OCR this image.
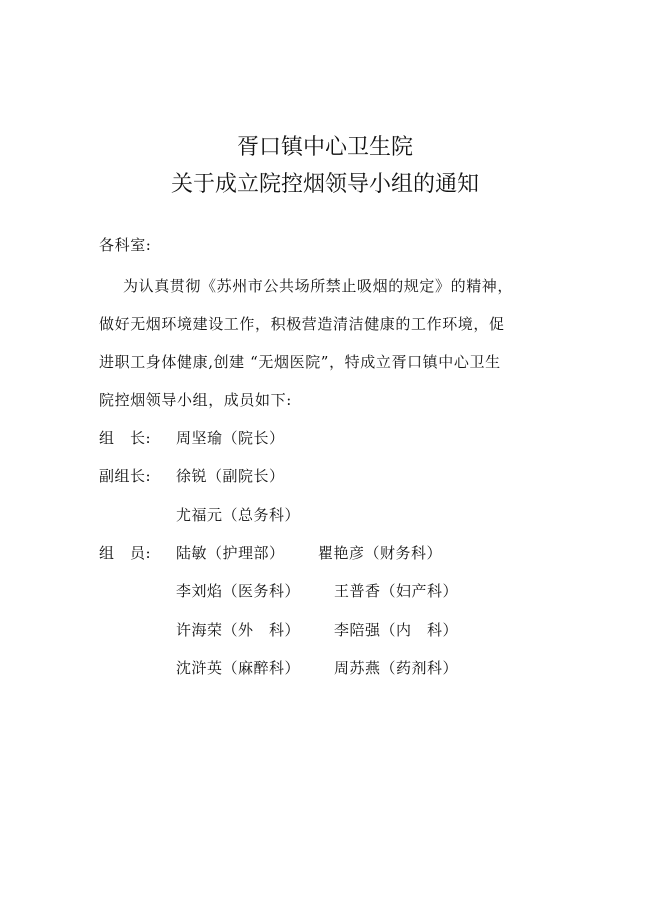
胥口镇中心卫生院
关于成立院控烟领导小组的通知
各科室:
为认真贯彻《苏州市公共场所禁止吸烟的规定》的精神，
做好无烟环境建设工作，积极营造清洁健康的工作环境，促
进职工身体健康,创建 “无烟医院”，特成立胥口镇中心卫生
院控烟领导小组，成员如下:
组　长: 周坚瑜（院长）
副组长: 徐锐（副院长）
尤福元（总务科）
组　员: 陆敏（护理部） 瞿艳彦（财务科）
李刘焰（医务科） 王普香（妇产科）
许海荣（外　科） 李陪强（内　科）
沈浒英（麻醉科） 周苏燕（药剂科）
